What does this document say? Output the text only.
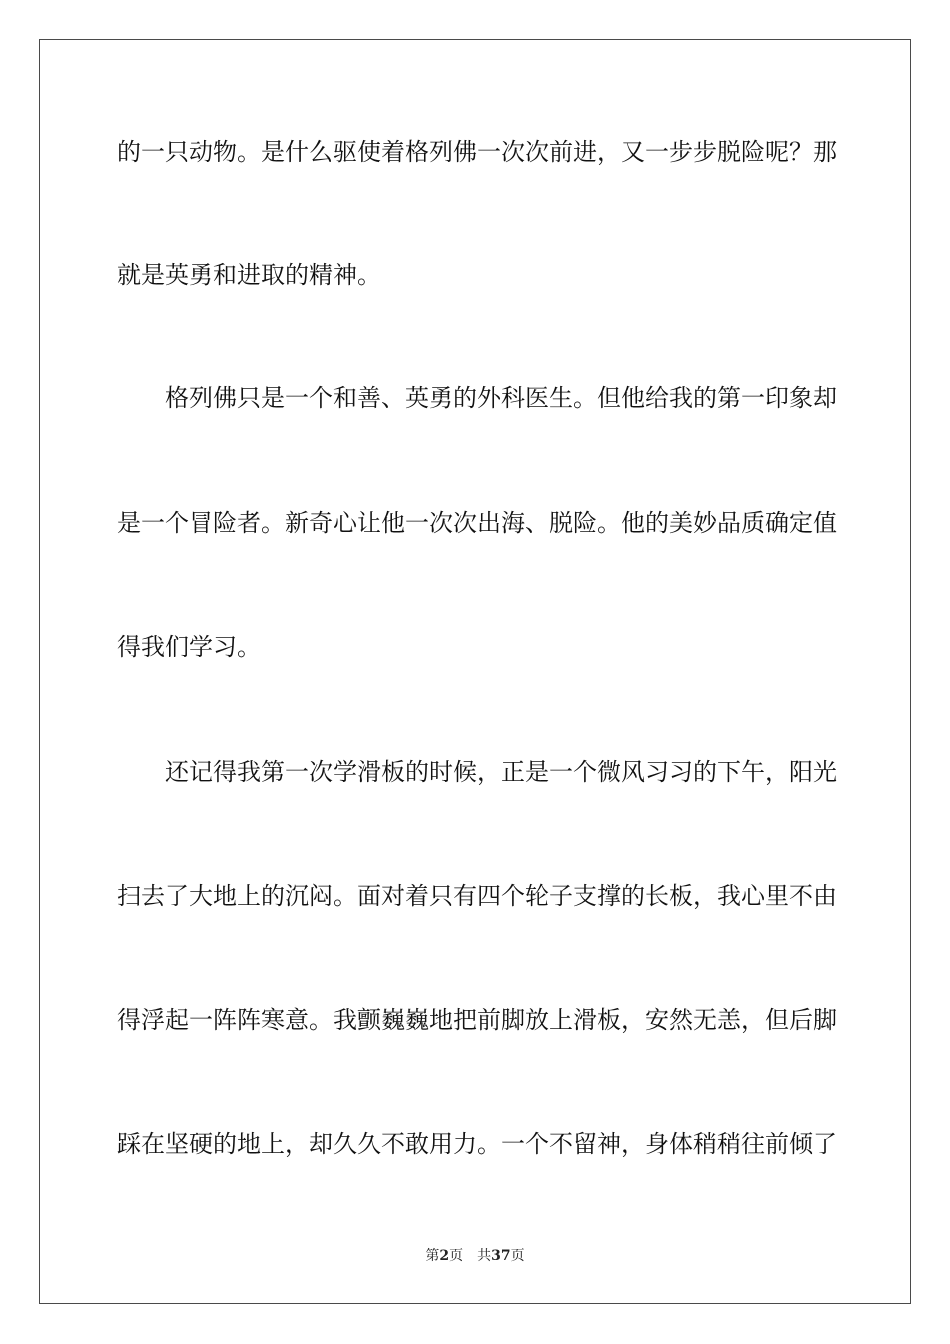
的一只动物。是什么驱使着格列佛一次次前进，又一步步脱险呢？那
就是英勇和进取的精神。
格列佛只是一个和善、英勇的外科医生。但他给我的第一印象却
是一个冒险者。新奇心让他一次次出海、脱险。他的美妙品质确定值
得我们学习。
还记得我第一次学滑板的时候，正是一个微风习习的下午，阳光
扫去了大地上的沉闷。面对着只有四个轮子支撑的长板，我心里不由
得浮起一阵阵寒意。我颤巍巍地把前脚放上滑板，安然无恙，但后脚
踩在坚硬的地上，却久久不敢用力。一个不留神，身体稍稍往前倾了
第2页 共37页
